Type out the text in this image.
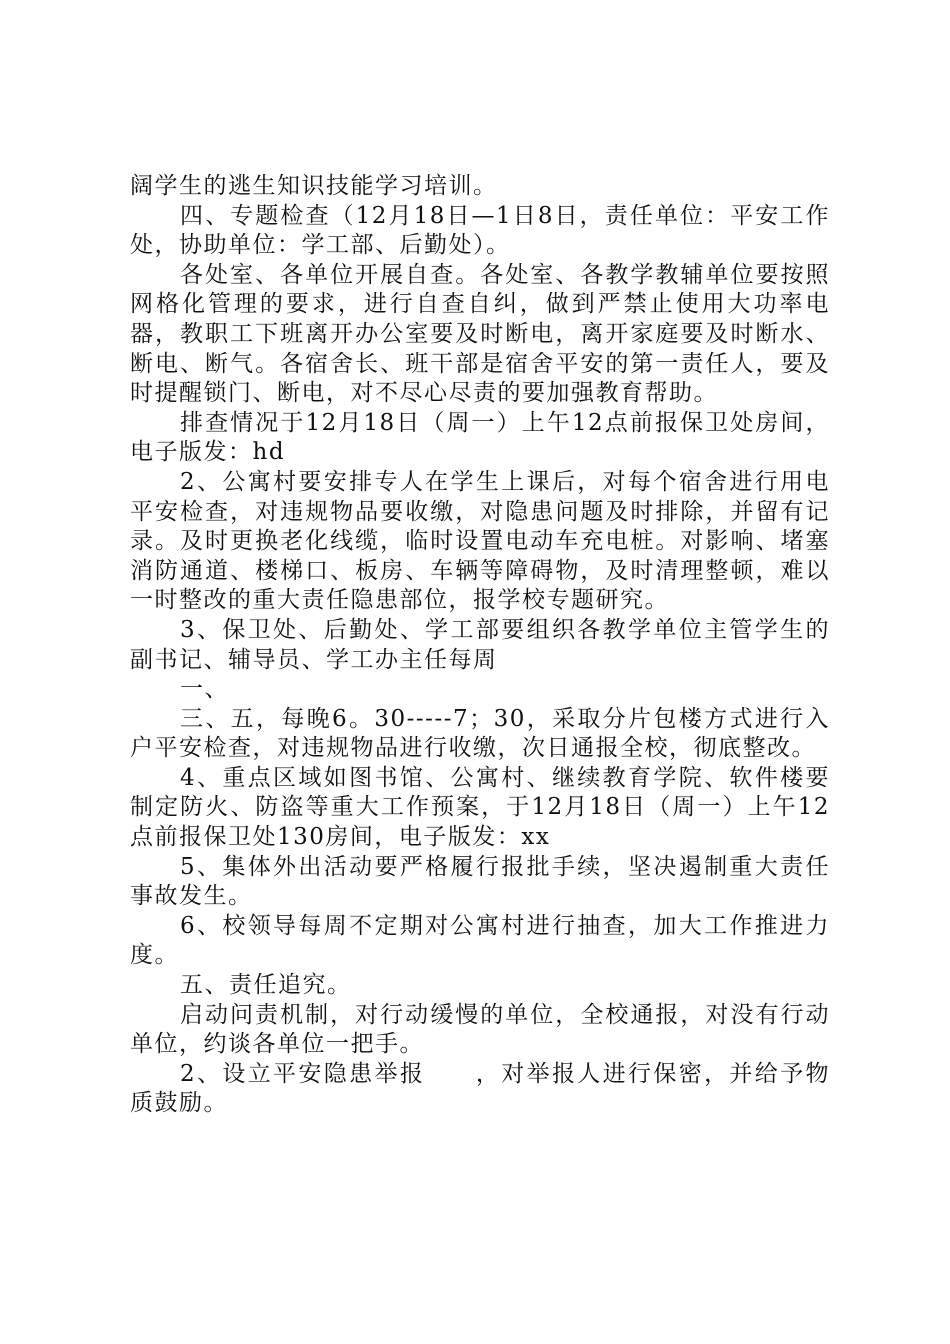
阔学生的逃生知识技能学习培训。

四、专题检查（12月18日—1日8日，责任单位：平安工作处，协助单位：学工部、后勤处）。

各处室、各单位开展自查。各处室、各教学教辅单位要按照网格化管理的要求，进行自查自纠，做到严禁止使用大功率电器，教职工下班离开办公室要及时断电，离开家庭要及时断水、断电、断气。各宿舍长、班干部是宿舍平安的第一责任人，要及时提醒锁门、断电，对不尽心尽责的要加强教育帮助。

排查情况于12月18日（周一）上午12点前报保卫处房间，电子版发：hd

2、公寓村要安排专人在学生上课后，对每个宿舍进行用电平安检查，对违规物品要收缴，对隐患问题及时排除，并留有记录。及时更换老化线缆，临时设置电动车充电桩。对影响、堵塞消防通道、楼梯口、板房、车辆等障碍物，及时清理整顿，难以一时整改的重大责任隐患部位，报学校专题研究。

3、保卫处、后勤处、学工部要组织各教学单位主管学生的副书记、辅导员、学工办主任每周

一、

三、五，每晚6。30-----7；30，采取分片包楼方式进行入户平安检查，对违规物品进行收缴，次日通报全校，彻底整改。

4、重点区域如图书馆、公寓村、继续教育学院、软件楼要制定防火、防盗等重大工作预案，于12月18日（周一）上午12点前报保卫处130房间，电子版发：xx

5、集体外出活动要严格履行报批手续，坚决遏制重大责任事故发生。

6、校领导每周不定期对公寓村进行抽查，加大工作推进力度。

五、责任追究。

启动问责机制，对行动缓慢的单位，全校通报，对没有行动单位，约谈各单位一把手。

2、设立平安隐患举报　　，对举报人进行保密，并给予物质鼓励。
